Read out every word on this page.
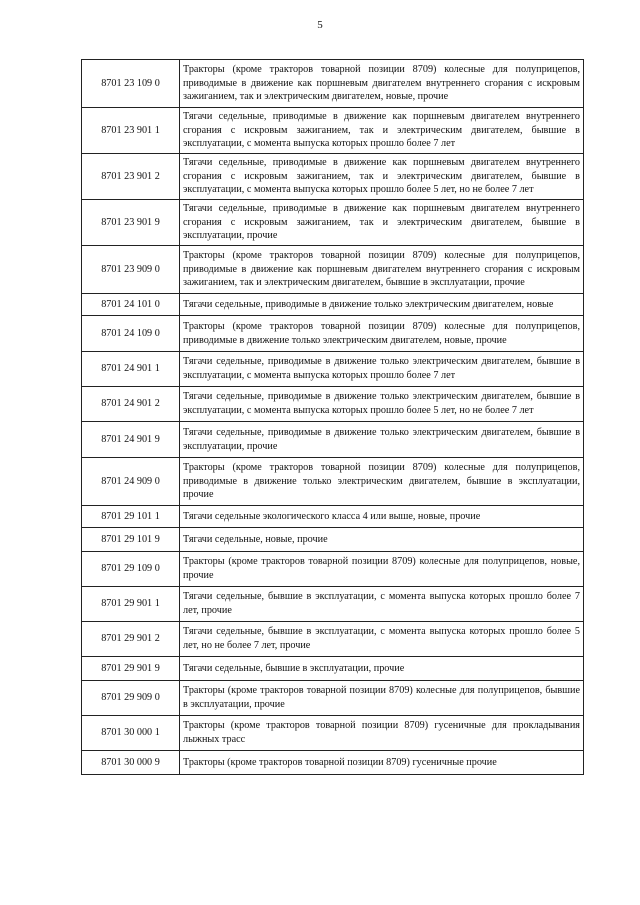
5
8701 23 109 0	Тракторы (кроме тракторов товарной позиции 8709) колесные для полуприцепов, приводимые в движение как поршневым двигателем внутреннего сгорания с искровым зажиганием, так и электрическим двигателем, новые, прочие
8701 23 901 1	Тягачи седельные, приводимые в движение как поршневым двигателем внутреннего сгорания с искровым зажиганием, так и электрическим двигателем, бывшие в эксплуатации, с момента выпуска которых прошло более 7 лет
8701 23 901 2	Тягачи седельные, приводимые в движение как поршневым двигателем внутреннего сгорания с искровым зажиганием, так и электрическим двигателем, бывшие в эксплуатации, с момента выпуска которых прошло более 5 лет, но не более 7 лет
8701 23 901 9	Тягачи седельные, приводимые в движение как поршневым двигателем внутреннего сгорания с искровым зажиганием, так и электрическим двигателем, бывшие в эксплуатации, прочие
8701 23 909 0	Тракторы (кроме тракторов товарной позиции 8709) колесные для полуприцепов, приводимые в движение как поршневым двигателем внутреннего сгорания с искровым зажиганием, так и электрическим двигателем, бывшие в эксплуатации, прочие
8701 24 101 0	Тягачи седельные, приводимые в движение только электрическим двигателем, новые
8701 24 109 0	Тракторы (кроме тракторов товарной позиции 8709) колесные для полуприцепов, приводимые в движение только электрическим двигателем, новые, прочие
8701 24 901 1	Тягачи седельные, приводимые в движение только электрическим двигателем, бывшие в эксплуатации, с момента выпуска которых прошло более 7 лет
8701 24 901 2	Тягачи седельные, приводимые в движение только электрическим двигателем, бывшие в эксплуатации, с момента выпуска которых прошло более 5 лет, но не более 7 лет
8701 24 901 9	Тягачи седельные, приводимые в движение только электрическим двигателем, бывшие в эксплуатации, прочие
8701 24 909 0	Тракторы (кроме тракторов товарной позиции 8709) колесные для полуприцепов, приводимые в движение только электрическим двигателем, бывшие в эксплуатации, прочие
8701 29 101 1	Тягачи седельные экологического класса 4 или выше, новые, прочие
8701 29 101 9	Тягачи седельные, новые, прочие
8701 29 109 0	Тракторы (кроме тракторов товарной позиции 8709) колесные для полуприцепов, новые, прочие
8701 29 901 1	Тягачи седельные, бывшие в эксплуатации, с момента выпуска которых прошло более 7 лет, прочие
8701 29 901 2	Тягачи седельные, бывшие в эксплуатации, с момента выпуска которых прошло более 5 лет, но не более 7 лет, прочие
8701 29 901 9	Тягачи седельные, бывшие в эксплуатации, прочие
8701 29 909 0	Тракторы (кроме тракторов товарной позиции 8709) колесные для полуприцепов, бывшие в эксплуатации, прочие
8701 30 000 1	Тракторы (кроме тракторов товарной позиции 8709) гусеничные для прокладывания лыжных трасс
8701 30 000 9	Тракторы (кроме тракторов товарной позиции 8709) гусеничные прочие
